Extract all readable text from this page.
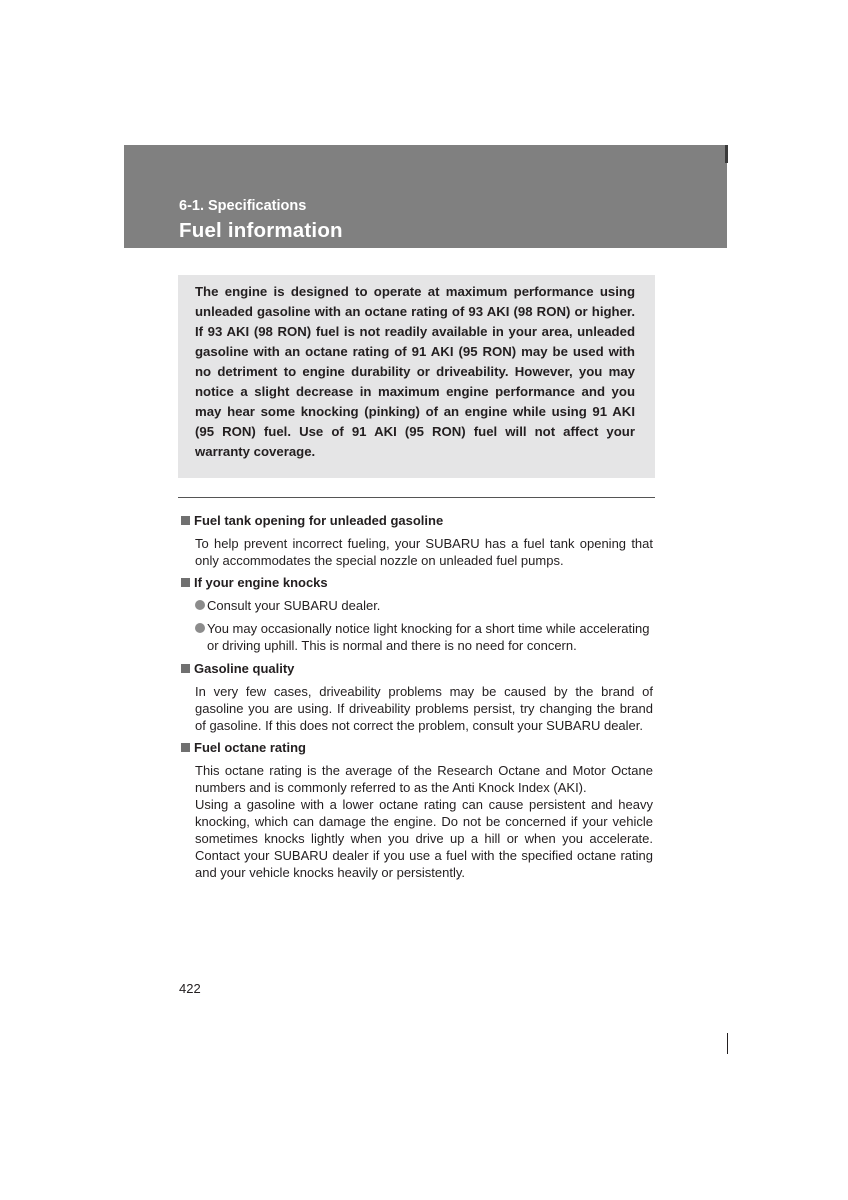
6-1. Specifications
Fuel information
The engine is designed to operate at maximum performance using unleaded gasoline with an octane rating of 93 AKI (98 RON) or higher. If 93 AKI (98 RON) fuel is not readily available in your area, unleaded gasoline with an octane rating of 91 AKI (95 RON) may be used with no detriment to engine durability or driveability. However, you may notice a slight decrease in maximum engine performance and you may hear some knocking (pinking) of an engine while using 91 AKI (95 RON) fuel. Use of 91 AKI (95 RON) fuel will not affect your warranty coverage.
Fuel tank opening for unleaded gasoline

To help prevent incorrect fueling, your SUBARU has a fuel tank opening that only accommodates the special nozzle on unleaded fuel pumps.

If your engine knocks
Consult your SUBARU dealer.
You may occasionally notice light knocking for a short time while accelerating or driving uphill. This is normal and there is no need for concern.
Gasoline quality

In very few cases, driveability problems may be caused by the brand of gasoline you are using. If driveability problems persist, try changing the brand of gasoline. If this does not correct the problem, consult your SUBARU dealer.

Fuel octane rating

This octane rating is the average of the Research Octane and Motor Octane numbers and is commonly referred to as the Anti Knock Index (AKI).

Using a gasoline with a lower octane rating can cause persistent and heavy knocking, which can damage the engine. Do not be concerned if your vehicle sometimes knocks lightly when you drive up a hill or when you accelerate. Contact your SUBARU dealer if you use a fuel with the specified octane rating and your vehicle knocks heavily or persistently.

422
